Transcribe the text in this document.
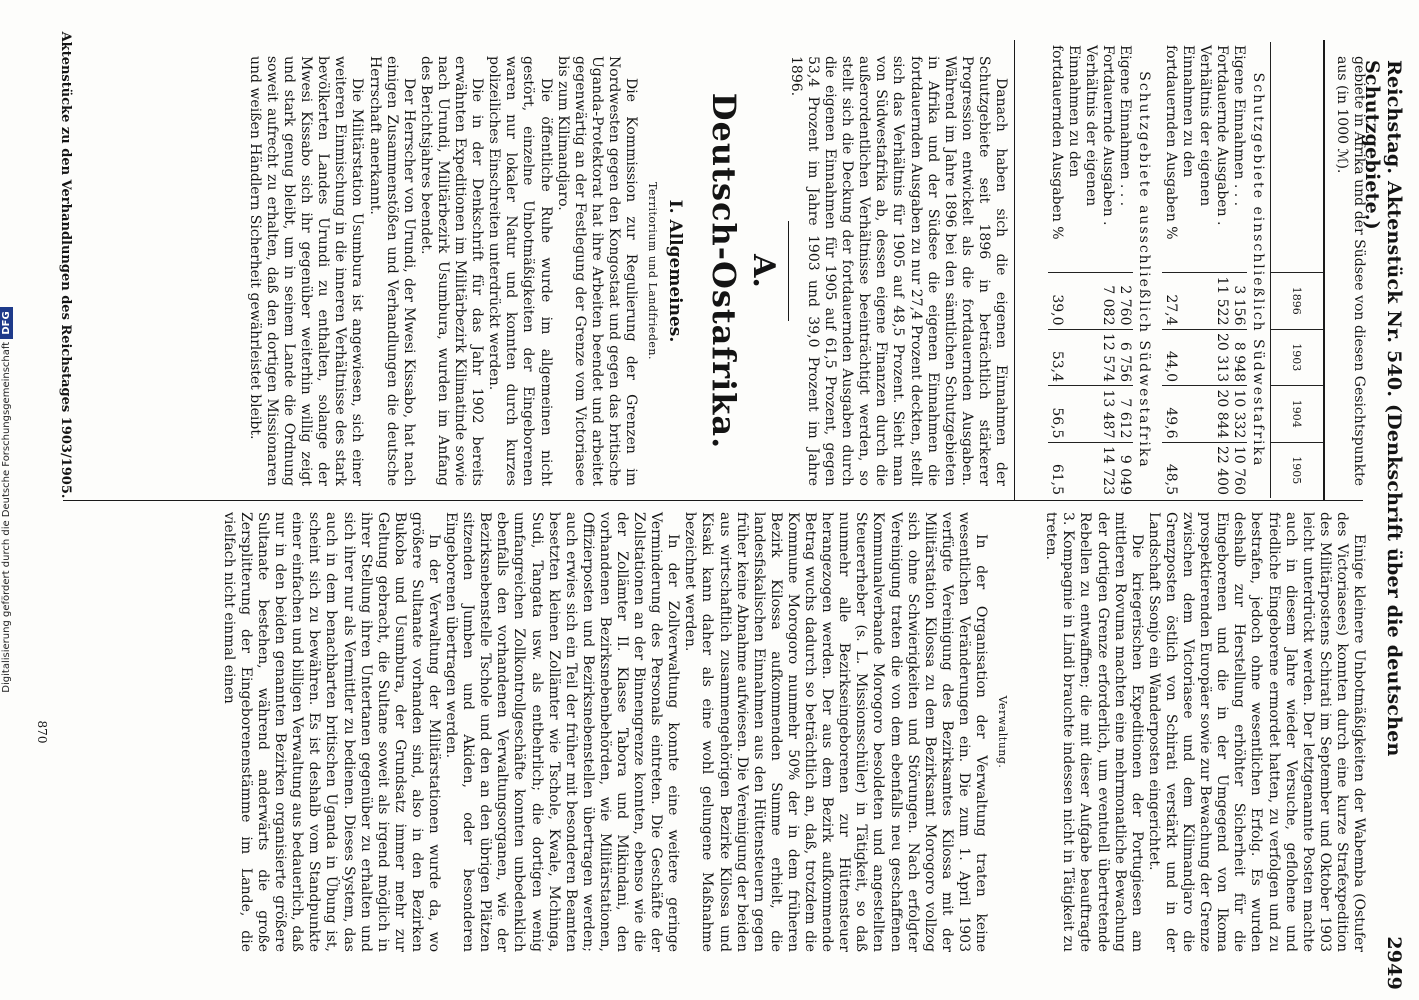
Reichstag. Aktenstück Nr. 540. (Denkschrift über die deutschen Schutzgebiete.)
2949

gebiete in Afrika und der Südsee von diesen Gesichtspunkte aus (in 1000 ℳ).

	1896	1903	1904	1905
Schutzgebiete einschließlich Südwestafrika				
Eigene Einnahmen . . .	3 156	8 948	10 332	10 760
Fortdauernde Ausgaben .	11 522	20 313	20 844	22 400
Verhältnis der eigenen Einnahmen zu den fortdauernden Ausgaben %	27,4	44,0	49,6	48,5
Schutzgebiete ausschließlich Südwestafrika				
Eigene Einnahmen . . .	2 760	6 756	7 612	9 049
Fortdauernde Ausgaben .	7 082	12 574	13 487	14 723
Verhältnis der eigenen Einnahmen zu den fortdauernden Ausgaben %	39,0	53,4	56,5	61,5

Danach haben sich die eigenen Einnahmen der Schutzgebiete seit 1896 in beträchtlich stärkerer Progression entwickelt als die fortdauernden Ausgaben. Während im Jahre 1896 bei den sämtlichen Schutzgebieten in Afrika und der Südsee die eigenen Einnahmen die fortdauernden Ausgaben zu nur 27,4 Prozent deckten, stellt sich das Verhältnis für 1905 auf 48,5 Prozent. Sieht man von Südwestafrika ab, dessen eigene Finanzen durch die außerordentlichen Verhältnisse beeinträchtigt werden, so stellt sich die Deckung der fortdauernden Ausgaben durch die eigenen Einnahmen für 1905 auf 61,5 Prozent, gegen 53,4 Prozent im Jahre 1903 und 39,0 Prozent im Jahre 1896.

A.
Deutsch-Ostafrika.
I. Allgemeines.
Territorium und Landfrieden.

Die Kommission zur Regulierung der Grenzen im Nordwesten gegen den Kongostaat und gegen das britische Uganda-Protektorat hat ihre Arbeiten beendet und arbeitet gegenwärtig an der Festlegung der Grenze vom Victoriasee bis zum Kilimandjaro.

Die öffentliche Ruhe wurde im allgemeinen nicht gestört, einzelne Unbotmäßigkeiten der Eingeborenen waren nur lokaler Natur und konnten durch kurzes polizeiliches Einschreiten unterdrückt werden.

Die in der Denkschrift für das Jahr 1902 bereits erwähnten Expeditionen im Militärbezirk Kilimatinde sowie nach Urundi, Militärbezirk Usumbura, wurden im Anfang des Berichtsjahres beendet.

Der Herrscher von Urundi, der Mwesi Kissabo, hat nach einigen Zusammenstößen und Verhandlungen die deutsche Herrschaft anerkannt.

Die Militärstation Usumbura ist angewiesen, sich einer weiteren Einmischung in die inneren Verhältnisse des stark bevölkerten Landes Urundi zu enthalten, solange der Mwesi Kissabo sich ihr gegenüber weiterhin willig zeigt und stark genug bleibt, um in seinem Lande die Ordnung soweit aufrecht zu erhalten, daß den dortigen Missionaren und weißen Händlern Sicherheit gewährleistet bleibt.

Aktenstücke zu den Verhandlungen des Reichstages 1903/1905.

Einige kleinere Unbotmäßigkeiten der Wabemba (Ostufer des Victoriasees) konnten durch eine kurze Strafexpedition des Militärpostens Schirati im September und Oktober 1903 leicht unterdrückt werden. Der letztgenannte Posten machte auch in diesem Jahre wieder Versuche, geflohene und friedliche Eingeborene ermordet hatten, zu verfolgen und zu bestrafen, jedoch ohne wesentlichen Erfolg. Es wurden deshalb zur Herstellung erhöhter Sicherheit für die Eingeborenen und die in der Umgegend von Ikoma prospektierenden Europäer sowie zur Bewachung der Grenze zwischen dem Victoriasee und dem Kilimandjaro die Grenzposten östlich von Schirati verstärkt und in der Landschaft Ssonjo ein Wanderposten eingerichtet.

Die kriegerischen Expeditionen der Portugiesen am mittleren Rovuma machten eine mehrmonatliche Bewachung der dortigen Grenze erforderlich, um eventuell übertretende Rebellen zu entwaffnen; die mit dieser Aufgabe beauftragte 3. Kompagnie in Lindi brauchte indessen nicht in Tätigkeit zu treten.

Verwaltung.

In der Organisation der Verwaltung traten keine wesentlichen Veränderungen ein. Die zum 1. April 1903 verfügte Vereinigung des Bezirksamtes Kilossa mit der Militärstation Kilossa zu dem Bezirksamt Morogoro vollzog sich ohne Schwierigkeiten und Störungen. Nach erfolgter Vereinigung traten die von dem ebenfalls neu geschaffenen Kommunalverbande Morogoro besoldeten und angestellten Steuererheber (s. L. Missionsschüler) in Tätigkeit, so daß nunmehr alle Bezirkseingeborenen zur Hüttensteuer herangezogen werden. Der aus dem Bezirk aufkommende Betrag wuchs dadurch so beträchtlich an, daß, trotzdem die Kommune Morogoro nunmehr 50% der in dem früheren Bezirk Kilossa aufkommenden Summe erhielt, die landesfiskalischen Einnahmen aus den Hüttensteuern gegen früher keine Abnahme aufwiesen. Die Vereinigung der beiden aus wirtschaftlich zusammengehörigen Bezirke Kilossa und Kisaki kann daher als eine wohl gelungene Maßnahme bezeichnet werden.

In der Zollverwaltung konnte eine weitere geringe Verminderung des Personals eintreten. Die Geschäfte der Zollstationen an der Binnengrenze konnten, ebenso wie die der Zollämter II. Klasse Tabora und Mikindani, den vorhandenen Bezirksnebenbehörden, wie Militärstationen, Offizierposten und Bezirksnebenstellen übertragen werden; auch erwies sich ein Teil der früher mit besonderen Beamten besetzten kleinen Zollämter wie Tschole, Kwale, Mchinga, Sudi, Tangata usw. als entbehrlich; die dortigen wenig umfangreichen Zollkontrollgeschäfte konnten unbedenklich ebenfalls den vorhandenen Verwaltungsorganen, wie der Bezirksnebenstelle Tschole und den an den übrigen Plätzen sitzenden Jumben und Akiden, oder besonderen Eingeborenen übertragen werden.

In der Verwaltung der Militärstationen wurde da, wo größere Sultanate vorhanden sind, also in den Bezirken Bukoba und Usumbura, der Grundsatz immer mehr zur Geltung gebracht, die Sultane soweit als irgend möglich in ihrer Stellung ihren Untertanen gegenüber zu erhalten und sich ihrer nur als Vermittler zu bedienen. Dieses System, das auch in dem benachbarten britischen Uganda in Übung ist, scheint sich zu bewähren. Es ist deshalb vom Standpunkte einer einfachen und billigen Verwaltung aus bedauerlich, daß nur in den beiden genannten Bezirken organisierte größere Sultanate bestehen, während anderwärts die große Zersplitterung der Eingeborenenstämme im Lande, die vielfach nicht einmal einen

870
Digitalisierung gefördert durch die Deutsche Forschungsgemeinschaft DFG
